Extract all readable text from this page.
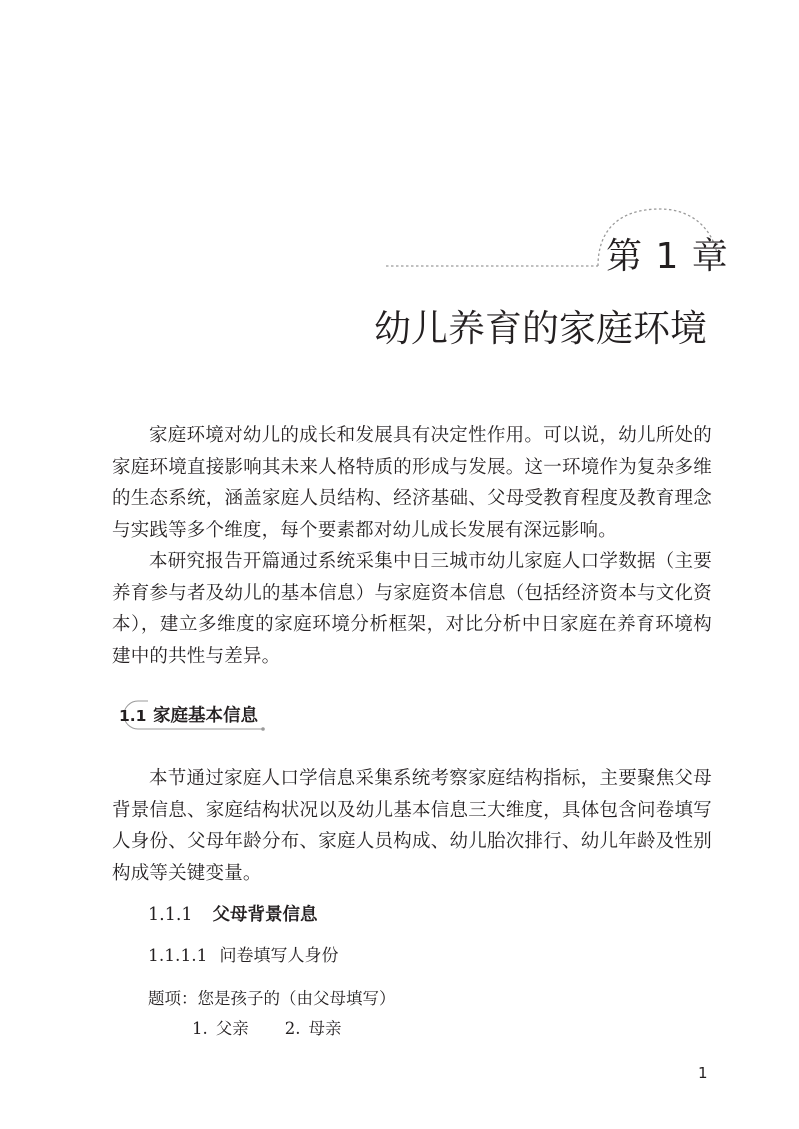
第 1 章
幼儿养育的家庭环境

家庭环境对幼儿的成长和发展具有决定性作用。可以说，幼儿所处的家庭环境直接影响其未来人格特质的形成与发展。这一环境作为复杂多维的生态系统，涵盖家庭人员结构、经济基础、父母受教育程度及教育理念与实践等多个维度，每个要素都对幼儿成长发展有深远影响。

本研究报告开篇通过系统采集中日三城市幼儿家庭人口学数据（主要养育参与者及幼儿的基本信息）与家庭资本信息（包括经济资本与文化资本），建立多维度的家庭环境分析框架，对比分析中日家庭在养育环境构建中的共性与差异。

1.1 家庭基本信息

本节通过家庭人口学信息采集系统考察家庭结构指标，主要聚焦父母背景信息、家庭结构状况以及幼儿基本信息三大维度，具体包含问卷填写人身份、父母年龄分布、家庭人员构成、幼儿胎次排行、幼儿年龄及性别构成等关键变量。

1.1.1 父母背景信息
1.1.1.1 问卷填写人身份
题项：您是孩子的（由父母填写）
1. 父亲 2. 母亲
1
